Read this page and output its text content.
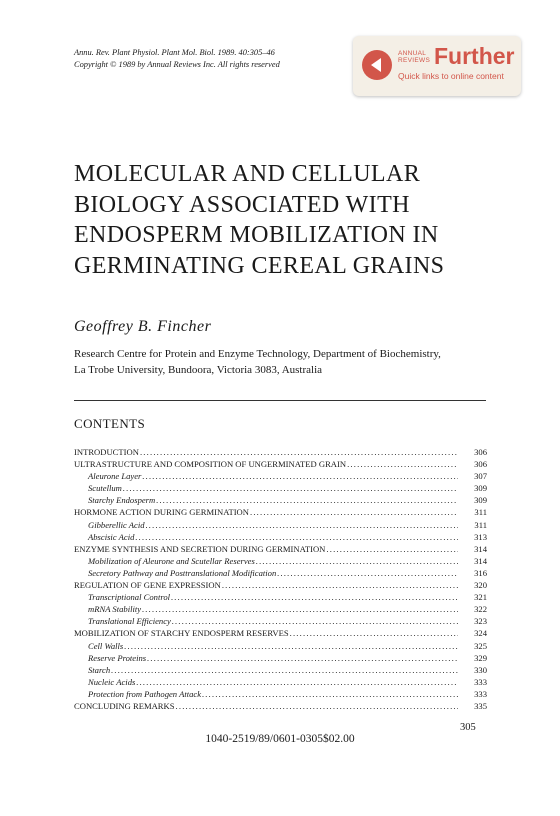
Annu. Rev. Plant Physiol. Plant Mol. Biol. 1989. 40:305–46
Copyright © 1989 by Annual Reviews Inc. All rights reserved
ANNUAL
REVIEWS Further
Quick links to online content
MOLECULAR AND CELLULAR
BIOLOGY ASSOCIATED WITH
ENDOSPERM MOBILIZATION IN
GERMINATING CEREAL GRAINS
Geoffrey B. Fincher
Research Centre for Protein and Enzyme Technology, Department of Biochemistry,
La Trobe University, Bundoora, Victoria 3083, Australia
CONTENTS
INTRODUCTION .....	306
ULTRASTRUCTURE AND COMPOSITION OF UNGERMINATED GRAIN .....	306
Aleurone Layer .....	307
Scutellum .....	309
Starchy Endosperm .....	309
HORMONE ACTION DURING GERMINATION .....	311
Gibberellic Acid .....	311
Abscisic Acid .....	313
ENZYME SYNTHESIS AND SECRETION DURING GERMINATION .....	314
Mobilization of Aleurone and Scutellar Reserves .....	314
Secretory Pathway and Posttranslational Modification .....	316
REGULATION OF GENE EXPRESSION .....	320
Transcriptional Control .....	321
mRNA Stability .....	322
Translational Efficiency .....	323
MOBILIZATION OF STARCHY ENDOSPERM RESERVES .....	324
Cell Walls .....	325
Reserve Proteins .....	329
Starch .....	330
Nucleic Acids .....	333
Protection from Pathogen Attack .....	333
CONCLUDING REMARKS .....	335
305
1040-2519/89/0601-0305$02.00
